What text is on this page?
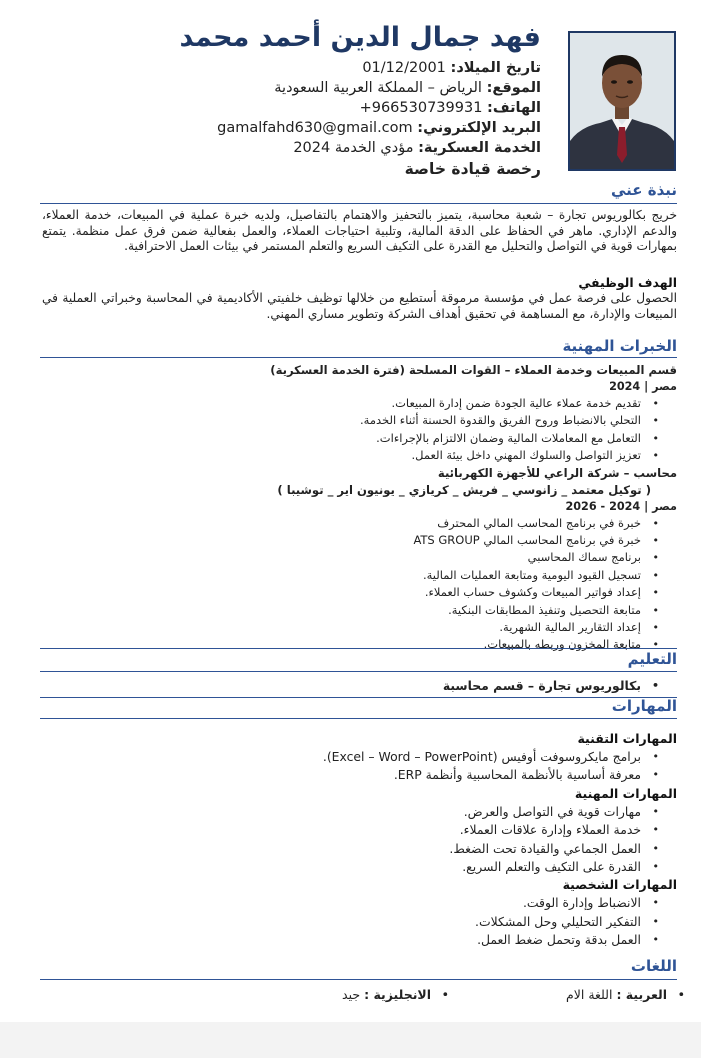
فهد جمال الدين أحمد محمد
تاريخ الميلاد: 01/12/2001
الموقع: الرياض – المملكة العربية السعودية
الهاتف: +966530739931
البريد الإلكتروني: gamalfahd630@gmail.com
الخدمة العسكرية: مؤدي الخدمة 2024
رخصة قيادة خاصة
نبذة عني
خريج بكالوريوس تجارة – شعبة محاسبة، يتميز بالتحفيز والاهتمام بالتفاصيل، ولديه خبرة عملية في المبيعات، خدمة العملاء، والدعم الإداري. ماهر في الحفاظ على الدقة المالية، وتلبية احتياجات العملاء، والعمل بفعالية ضمن فرق عمل منظمة. يتمتع بمهارات قوية في التواصل والتحليل مع القدرة على التكيف السريع والتعلم المستمر في بيئات العمل الاحترافية.
الهدف الوظيفي
الحصول على فرصة عمل في مؤسسة مرموقة أستطيع من خلالها توظيف خلفيتي الأكاديمية في المحاسبة وخبراتي العملية في المبيعات والإدارة، مع المساهمة في تحقيق أهداف الشركة وتطوير مساري المهني.
الخبرات المهنية
قسم المبيعات وخدمة العملاء – القوات المسلحة (فترة الخدمة العسكرية)
مصر | 2024
• تقديم خدمة عملاء عالية الجودة ضمن إدارة المبيعات.
• التحلي بالانضباط وروح الفريق والقدوة الحسنة أثناء الخدمة.
• التعامل مع المعاملات المالية وضمان الالتزام بالإجراءات.
• تعزيز التواصل والسلوك المهني داخل بيئة العمل.
محاسب – شركة الراعي للأجهزة الكهربائية
( توكيل معتمد _ زانوسي _ فريش _ كريازي _ يونيون اير _ توشيبا )
مصر | 2024 - 2026
• خبرة في برنامج المحاسب المالي المحترف
• خبرة في برنامج المحاسب المالي ATS GROUP
• برنامج سماك المحاسبي
• تسجيل القيود اليومية ومتابعة العمليات المالية.
• إعداد فواتير المبيعات وكشوف حساب العملاء.
• متابعة التحصيل وتنفيذ المطابقات البنكية.
• إعداد التقارير المالية الشهرية.
• متابعة المخزون وربطه بالمبيعات.
التعليم
• بكالوريوس تجارة – قسم محاسبة
المهارات
المهارات التقنية
• برامج مايكروسوفت أوفيس (Excel – Word – PowerPoint).
• معرفة أساسية بالأنظمة المحاسبية وأنظمة ERP.
المهارات المهنية
• مهارات قوية في التواصل والعرض.
• خدمة العملاء وإدارة علاقات العملاء.
• العمل الجماعي والقيادة تحت الضغط.
• القدرة على التكيف والتعلم السريع.
المهارات الشخصية
• الانضباط وإدارة الوقت.
• التفكير التحليلي وحل المشكلات.
• العمل بدقة وتحمل ضغط العمل.
اللغات
• العربية : • اللغة الام
• الانجليزية : • جيد
